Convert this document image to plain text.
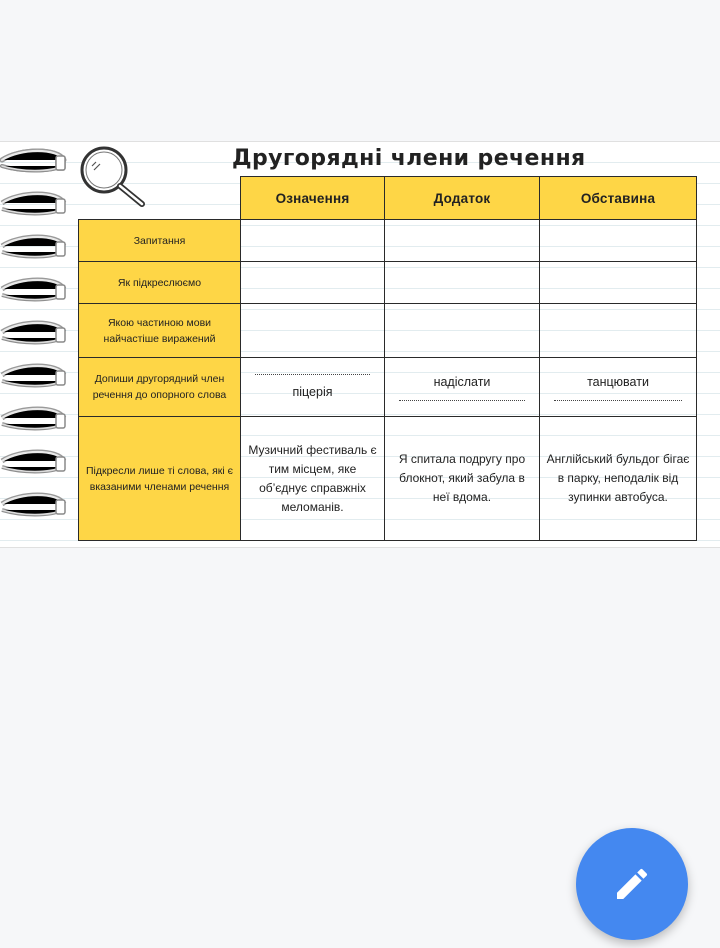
Другорядні члени речення
	Означення	Додаток	Обставина
Запитання			
Як підкреслюємо			
Якою частиною мови найчастіше виражений			
Допиши другорядний член речення до опорного слова	піцерія	надіслати	танцювати

Підкресли лише ті слова, які є вказаними членами речення	Музичний фестиваль є тим місцем, яке об’єднує справжніх меломанів.	Я спитала подругу про блокнот, який забула в неї вдома.	Англійський бульдог бігає в парку, неподалік від зупинки автобуса.
